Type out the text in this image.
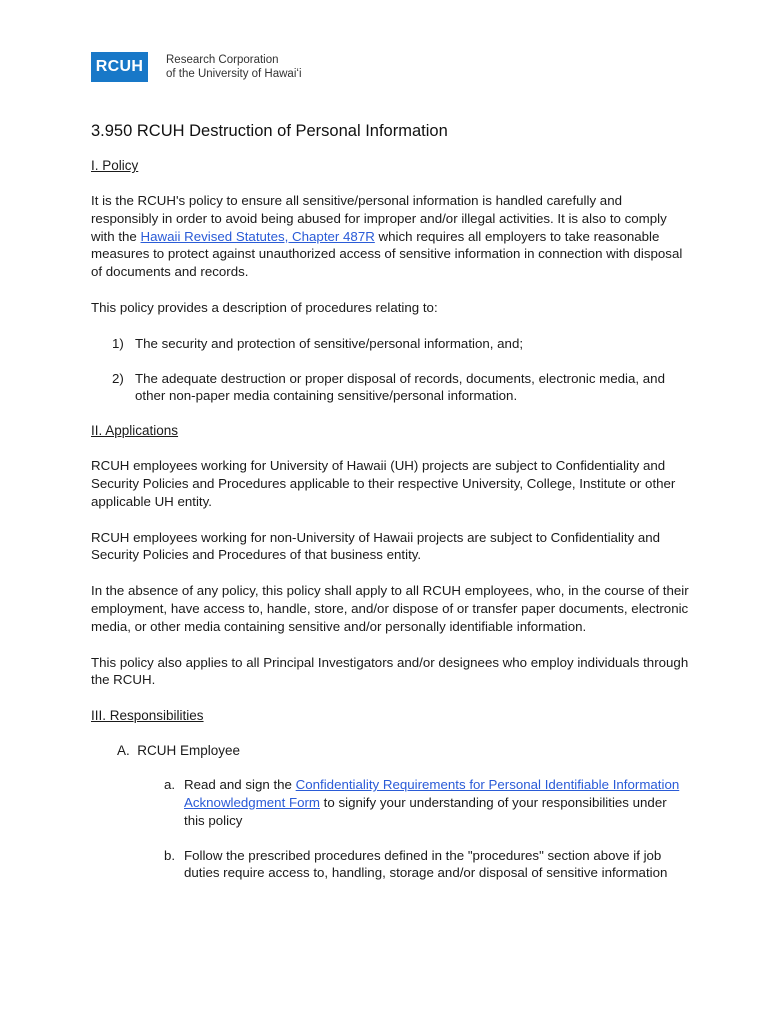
RCUH	Research Corporation
of the University of Hawaiʻi
3.950 RCUH Destruction of Personal Information
I. Policy

It is the RCUH's policy to ensure all sensitive/personal information is handled carefully and responsibly in order to avoid being abused for improper and/or illegal activities. It is also to comply with the Hawaii Revised Statutes, Chapter 487R which requires all employers to take reasonable measures to protect against unauthorized access of sensitive information in connection with disposal of documents and records.

This policy provides a description of procedures relating to:

1) The security and protection of sensitive/personal information, and;
2) The adequate destruction or proper disposal of records, documents, electronic media, and other non-paper media containing sensitive/personal information.
II. Applications

RCUH employees working for University of Hawaii (UH) projects are subject to Confidentiality and Security Policies and Procedures applicable to their respective University, College, Institute or other applicable UH entity.

RCUH employees working for non-University of Hawaii projects are subject to Confidentiality and Security Policies and Procedures of that business entity.

In the absence of any policy, this policy shall apply to all RCUH employees, who, in the course of their employment, have access to, handle, store, and/or dispose of or transfer paper documents, electronic media, or other media containing sensitive and/or personally identifiable information.

This policy also applies to all Principal Investigators and/or designees who employ individuals through the RCUH.

III. Responsibilities
A.  RCUH Employee
a. Read and sign the Confidentiality Requirements for Personal Identifiable Information Acknowledgment Form to signify your understanding of your responsibilities under this policy
b. Follow the prescribed procedures defined in the "procedures" section above if job duties require access to, handling, storage and/or disposal of sensitive information
